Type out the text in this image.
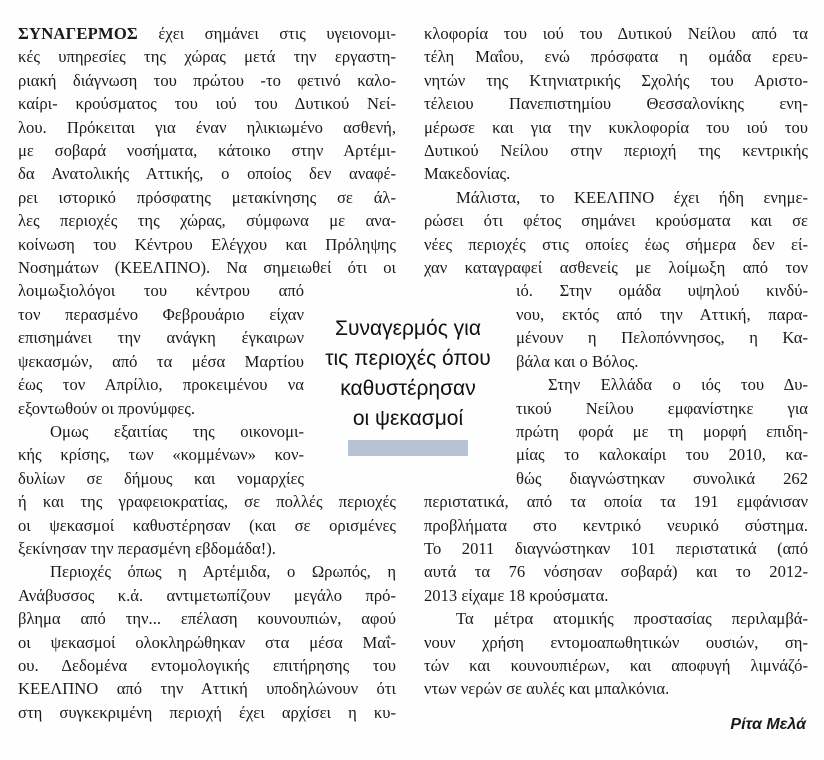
ΣΥΝΑΓΕΡΜΟΣ έχει σημάνει στις υγειονομι-
κές υπηρεσίες της χώρας μετά την εργαστη-
ριακή διάγνωση του πρώτου -το φετινό καλο-
καίρι- κρούσματος του ιού του Δυτικού Νεί-
λου. Πρόκειται για έναν ηλικιωμένο ασθενή,
με σοβαρά νοσήματα, κάτοικο στην Αρτέμι-
δα Ανατολικής Αττικής, ο οποίος δεν αναφέ-
ρει ιστορικό πρόσφατης μετακίνησης σε άλ-
λες περιοχές της χώρας, σύμφωνα με ανα-
κοίνωση του Κέντρου Ελέγχου και Πρόληψης
Νοσημάτων (ΚΕΕΛΠΝΟ). Να σημειωθεί ότι οι
λοιμωξιολόγοι του κέντρου από
τον περασμένο Φεβρουάριο είχαν
επισημάνει την ανάγκη έγκαιρων
ψεκασμών, από τα μέσα Μαρτίου
έως τον Απρίλιο, προκειμένου να
εξοντωθούν οι προνύμφες.
Ομως εξαιτίας της οικονομι-
κής κρίσης, των «κομμένων» κον-
δυλίων σε δήμους και νομαρχίες
ή και της γραφειοκρατίας, σε πολλές περιοχές
οι ψεκασμοί καθυστέρησαν (και σε ορισμένες
ξεκίνησαν την περασμένη εβδομάδα!).
Περιοχές όπως η Αρτέμιδα, ο Ωρωπός, η
Ανάβυσσος κ.ά. αντιμετωπίζουν μεγάλο πρό-
βλημα από την... επέλαση κουνουπιών, αφού
οι ψεκασμοί ολοκληρώθηκαν στα μέσα Μαΐ-
ου. Δεδομένα εντομολογικής επιτήρησης του
ΚΕΕΛΠΝΟ από την Αττική υποδηλώνουν ότι
στη συγκεκριμένη περιοχή έχει αρχίσει η κυ-
κλοφορία του ιού του Δυτικού Νείλου από τα
τέλη Μαΐου, ενώ πρόσφατα η ομάδα ερευ-
νητών της Κτηνιατρικής Σχολής του Αριστο-
τέλειου Πανεπιστημίου Θεσσαλονίκης ενη-
μέρωσε και για την κυκλοφορία του ιού του
Δυτικού Νείλου στην περιοχή της κεντρικής
Μακεδονίας.
Μάλιστα, το ΚΕΕΛΠΝΟ έχει ήδη ενημε-
ρώσει ότι φέτος σημάνει κρούσματα και σε
νέες περιοχές στις οποίες έως σήμερα δεν εί-
χαν καταγραφεί ασθενείς με λοίμωξη από τον
ιό. Στην ομάδα υψηλού κινδύ-
νου, εκτός από την Αττική, παρα-
μένουν η Πελοπόννησος, η Κα-
βάλα και ο Βόλος.
Στην Ελλάδα ο ιός του Δυ-
τικού Νείλου εμφανίστηκε για
πρώτη φορά με τη μορφή επιδη-
μίας το καλοκαίρι του 2010, κα-
θώς διαγνώστηκαν συνολικά 262
περιστατικά, από τα οποία τα 191 εμφάνισαν
προβλήματα στο κεντρικό νευρικό σύστημα.
Το 2011 διαγνώστηκαν 101 περιστατικά (από
αυτά τα 76 νόσησαν σοβαρά) και το 2012-
2013 είχαμε 18 κρούσματα.
Τα μέτρα ατομικής προστασίας περιλαμβά-
νουν χρήση εντομοαπωθητικών ουσιών, ση-
τών και κουνουπιέρων, και αποφυγή λιμνάζό-
ντων νερών σε αυλές και μπαλκόνια.
Συναγερμός για
τις περιοχές όπου
καθυστέρησαν
οι ψεκασμοί
Ρίτα Μελά
